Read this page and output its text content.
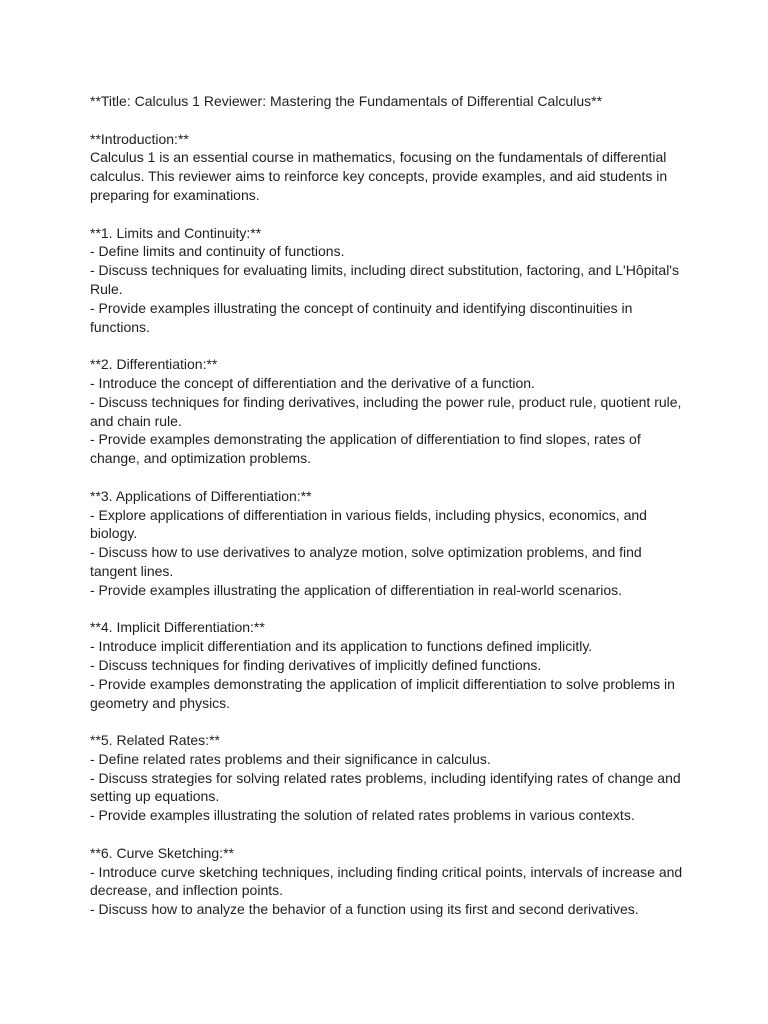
**Title: Calculus 1 Reviewer: Mastering the Fundamentals of Differential Calculus**

**Introduction:**
Calculus 1 is an essential course in mathematics, focusing on the fundamentals of differential calculus. This reviewer aims to reinforce key concepts, provide examples, and aid students in preparing for examinations.
**1. Limits and Continuity:**
- Define limits and continuity of functions.
- Discuss techniques for evaluating limits, including direct substitution, factoring, and L'Hôpital's Rule.
- Provide examples illustrating the concept of continuity and identifying discontinuities in functions.
**2. Differentiation:**
- Introduce the concept of differentiation and the derivative of a function.
- Discuss techniques for finding derivatives, including the power rule, product rule, quotient rule, and chain rule.
- Provide examples demonstrating the application of differentiation to find slopes, rates of change, and optimization problems.
**3. Applications of Differentiation:**
- Explore applications of differentiation in various fields, including physics, economics, and biology.
- Discuss how to use derivatives to analyze motion, solve optimization problems, and find tangent lines.
- Provide examples illustrating the application of differentiation in real-world scenarios.
**4. Implicit Differentiation:**
- Introduce implicit differentiation and its application to functions defined implicitly.
- Discuss techniques for finding derivatives of implicitly defined functions.
- Provide examples demonstrating the application of implicit differentiation to solve problems in geometry and physics.
**5. Related Rates:**
- Define related rates problems and their significance in calculus.
- Discuss strategies for solving related rates problems, including identifying rates of change and setting up equations.
- Provide examples illustrating the solution of related rates problems in various contexts.
**6. Curve Sketching:**
- Introduce curve sketching techniques, including finding critical points, intervals of increase and decrease, and inflection points.
- Discuss how to analyze the behavior of a function using its first and second derivatives.
